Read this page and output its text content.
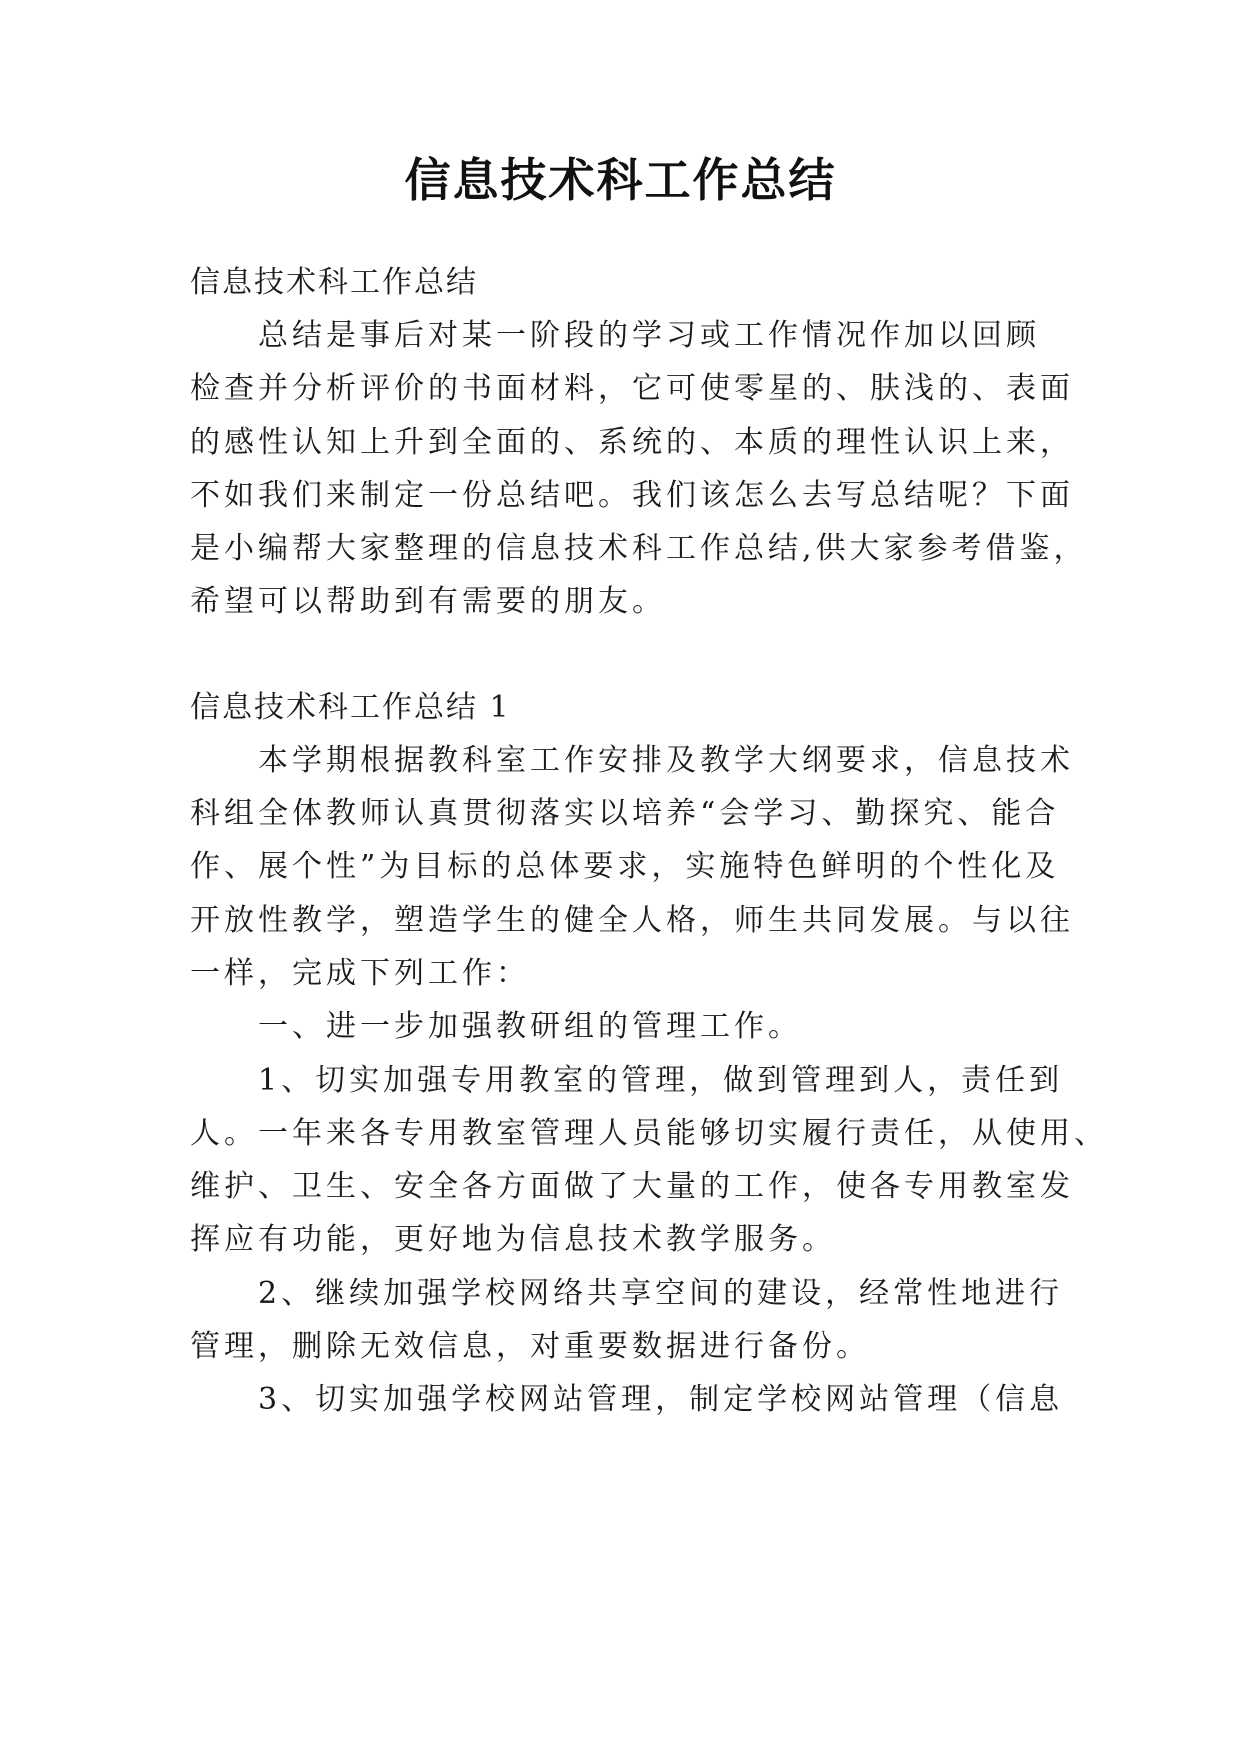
信息技术科工作总结
信息技术科工作总结
总结是事后对某一阶段的学习或工作情况作加以回顾
检查并分析评价的书面材料，它可使零星的、肤浅的、表面
的感性认知上升到全面的、系统的、本质的理性认识上来，
不如我们来制定一份总结吧。我们该怎么去写总结呢？下面
是小编帮大家整理的信息技术科工作总结,供大家参考借鉴，
希望可以帮助到有需要的朋友。
信息技术科工作总结 1
本学期根据教科室工作安排及教学大纲要求，信息技术
科组全体教师认真贯彻落实以培养“会学习、勤探究、能合
作、展个性”为目标的总体要求，实施特色鲜明的个性化及
开放性教学，塑造学生的健全人格，师生共同发展。与以往
一样，完成下列工作：
一、进一步加强教研组的管理工作。
1、切实加强专用教室的管理，做到管理到人，责任到
人。一年来各专用教室管理人员能够切实履行责任，从使用、
维护、卫生、安全各方面做了大量的工作，使各专用教室发
挥应有功能，更好地为信息技术教学服务。
2、继续加强学校网络共享空间的建设，经常性地进行
管理，删除无效信息，对重要数据进行备份。
3、切实加强学校网站管理，制定学校网站管理（信息
